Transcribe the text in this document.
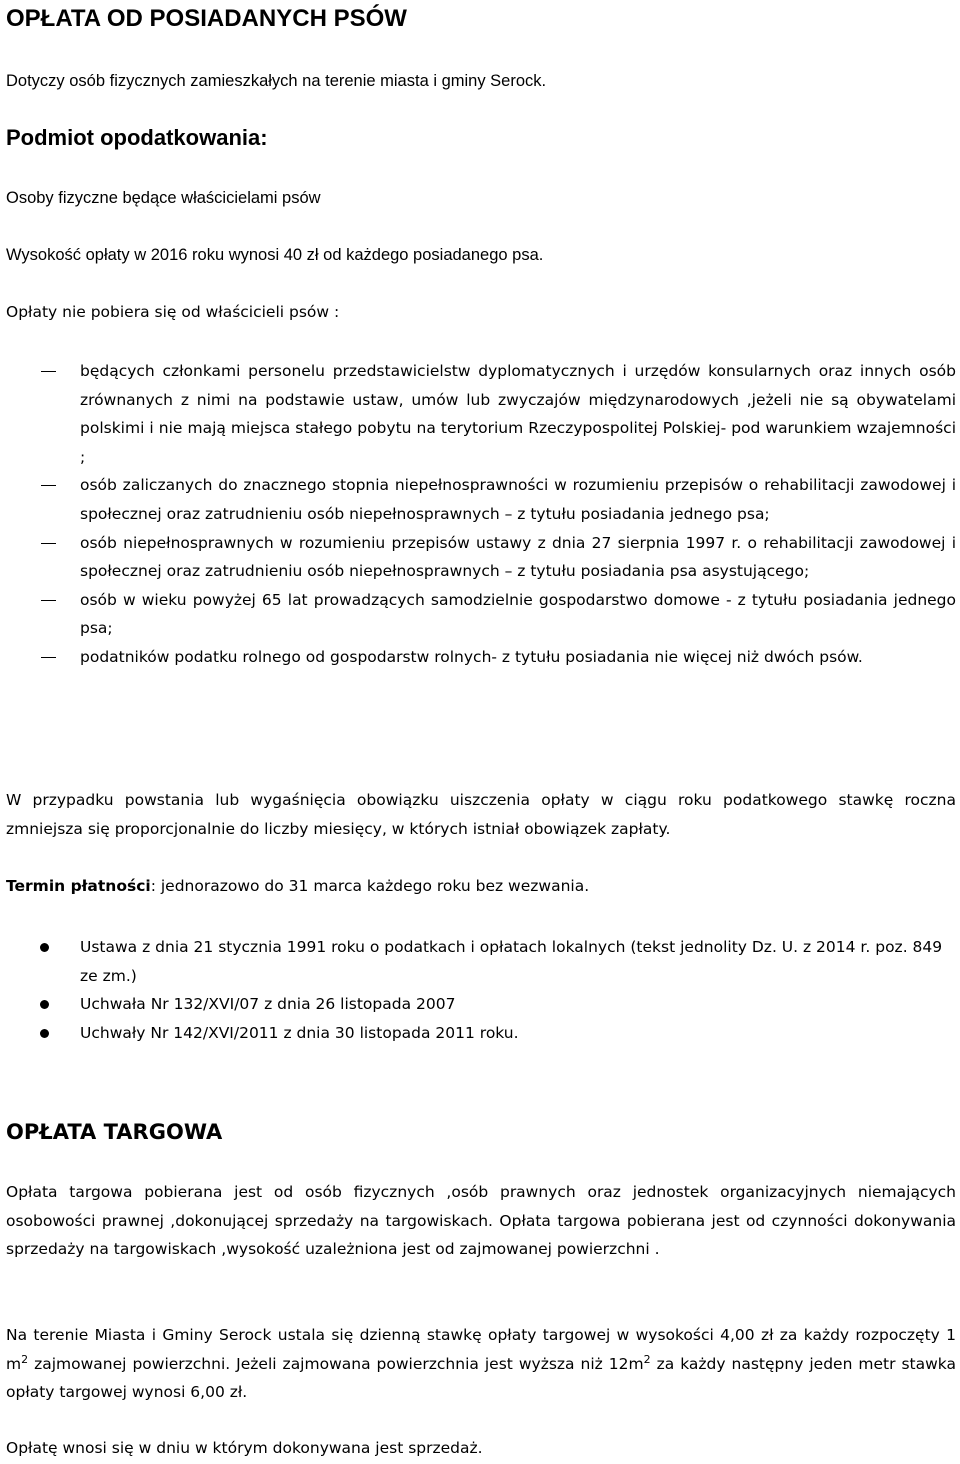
OPŁATA OD POSIADANYCH PSÓW

Dotyczy osób fizycznych zamieszkałych na terenie miasta i gminy Serock.

Podmiot opodatkowania:

Osoby fizyczne będące właścicielami psów

Wysokość opłaty w 2016 roku wynosi 40 zł od każdego posiadanego psa.

Opłaty nie pobiera się od właścicieli psów :

będących członkami personelu przedstawicielstw dyplomatycznych i urzędów konsularnych oraz innych osób zrównanych z nimi na podstawie ustaw, umów lub zwyczajów międzynarodowych ,jeżeli nie są obywatelami polskimi i nie mają miejsca stałego pobytu na terytorium Rzeczypospolitej Polskiej- pod warunkiem wzajemności ;
osób zaliczanych do znacznego stopnia niepełnosprawności w rozumieniu przepisów o rehabilitacji zawodowej i społecznej oraz zatrudnieniu osób niepełnosprawnych – z tytułu posiadania jednego psa;
osób niepełnosprawnych w rozumieniu przepisów ustawy z dnia 27 sierpnia 1997 r. o rehabilitacji zawodowej i społecznej oraz zatrudnieniu osób niepełnosprawnych – z tytułu posiadania psa asystującego;
osób w wieku powyżej 65 lat prowadzących samodzielnie gospodarstwo domowe - z tytułu posiadania jednego psa;
podatników podatku rolnego od gospodarstw rolnych- z tytułu posiadania nie więcej niż dwóch psów.

W przypadku powstania lub wygaśnięcia obowiązku uiszczenia opłaty w ciągu roku podatkowego stawkę roczna zmniejsza się proporcjonalnie do liczby miesięcy, w których istniał obowiązek zapłaty.

Termin płatności: jednorazowo do 31 marca każdego roku bez wezwania.

Ustawa z dnia 21 stycznia 1991 roku o podatkach i opłatach lokalnych (tekst jednolity Dz. U. z 2014 r. poz. 849 ze zm.)
Uchwała Nr 132/XVI/07 z dnia 26 listopada 2007
Uchwały Nr 142/XVI/2011 z dnia 30 listopada 2011 roku.
OPŁATA TARGOWA

Opłata targowa pobierana jest od osób fizycznych ,osób prawnych oraz jednostek organizacyjnych niemających osobowości prawnej ,dokonującej sprzedaży na targowiskach. Opłata targowa pobierana jest od czynności dokonywania sprzedaży na targowiskach ,wysokość uzależniona jest od zajmowanej powierzchni .

Na terenie Miasta i Gminy Serock ustala się dzienną stawkę opłaty targowej w wysokości 4,00 zł za każdy rozpoczęty 1 $m^2$ zajmowanej powierzchni. Jeżeli zajmowana powierzchnia jest wyższa niż $12m^2$ za każdy następny jeden metr stawka opłaty targowej wynosi 6,00 zł.

Opłatę wnosi się w dniu w którym dokonywana jest sprzedaż.
